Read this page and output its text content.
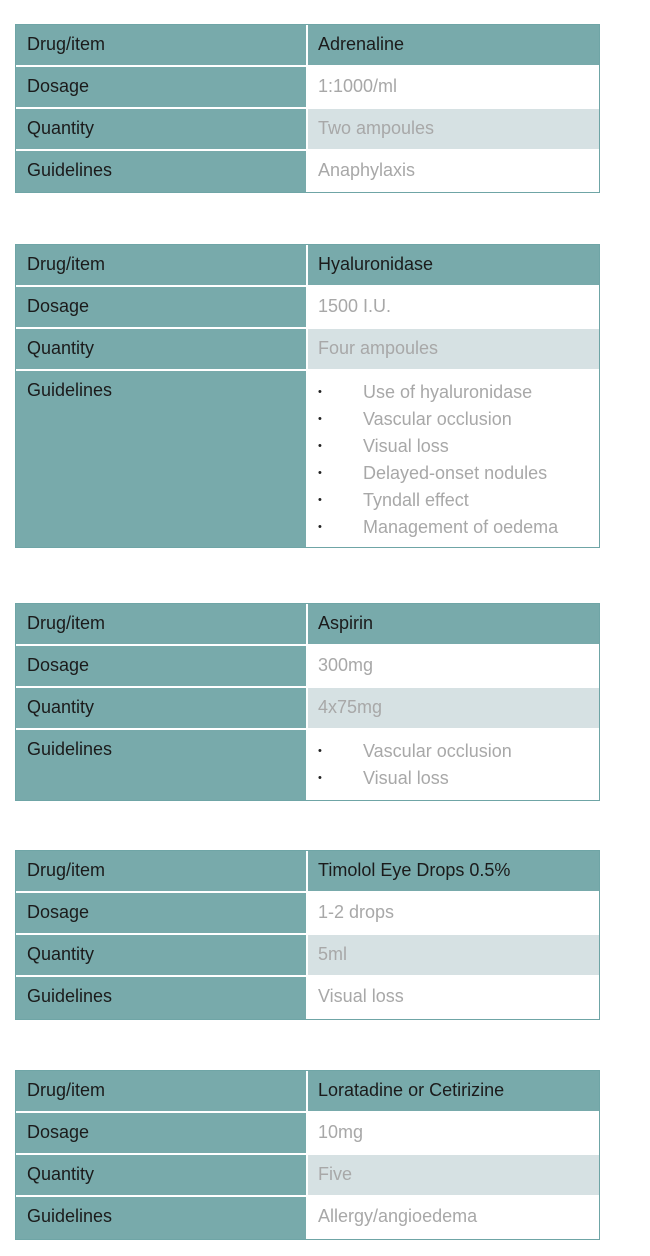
Drug/item	Adrenaline
Dosage	1:1000/ml
Quantity	Two ampoules
Guidelines	Anaphylaxis
Drug/item	Hyaluronidase
Dosage	1500 I.U.
Quantity	Four ampoules
Guidelines	• Use of hyaluronidase
• Vascular occlusion
• Visual loss
• Delayed-onset nodules
• Tyndall effect
• Management of oedema
Drug/item	Aspirin
Dosage	300mg
Quantity	4x75mg
Guidelines	• Vascular occlusion
• Visual loss
Drug/item	Timolol Eye Drops 0.5%
Dosage	1-2 drops
Quantity	5ml
Guidelines	Visual loss
Drug/item	Loratadine or Cetirizine
Dosage	10mg
Quantity	Five
Guidelines	Allergy/angioedema
